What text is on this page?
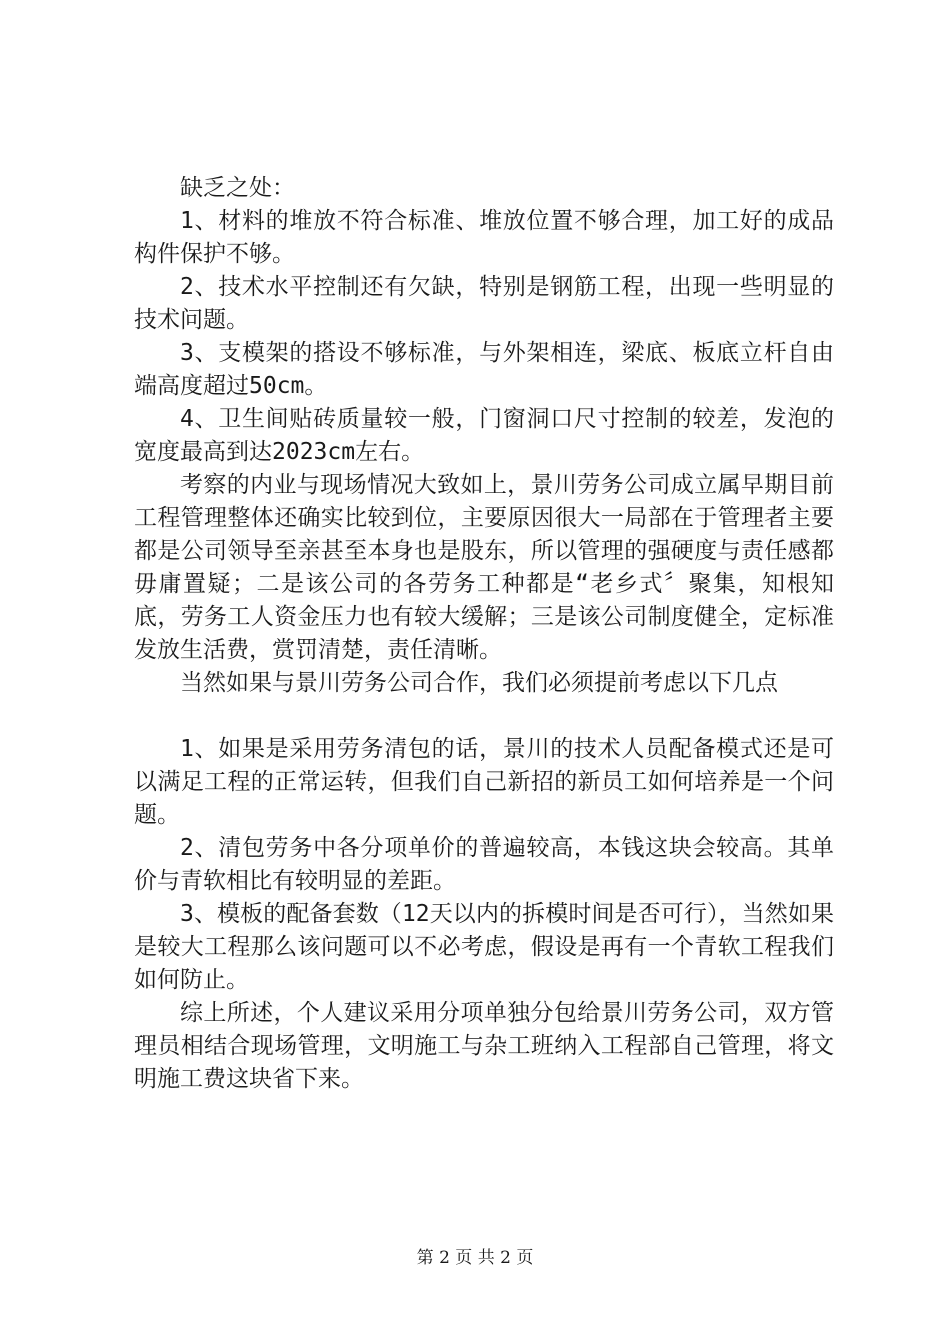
缺乏之处：

1、材料的堆放不符合标准、堆放位置不够合理，加工好的成品构件保护不够。

2、技术水平控制还有欠缺，特别是钢筋工程，出现一些明显的技术问题。

3、支模架的搭设不够标准，与外架相连，梁底、板底立杆自由端高度超过50cm。

4、卫生间贴砖质量较一般，门窗洞口尺寸控制的较差，发泡的宽度最高到达2023cm左右。

考察的内业与现场情况大致如上，景川劳务公司成立属早期目前工程管理整体还确实比较到位，主要原因很大一局部在于管理者主要都是公司领导至亲甚至本身也是股东，所以管理的强硬度与责任感都毋庸置疑；二是该公司的各劳务工种都是“老乡式〞聚集，知根知底，劳务工人资金压力也有较大缓解；三是该公司制度健全，定标准发放生活费，赏罚清楚，责任清晰。

当然如果与景川劳务公司合作，我们必须提前考虑以下几点

1、如果是采用劳务清包的话，景川的技术人员配备模式还是可以满足工程的正常运转，但我们自己新招的新员工如何培养是一个问题。

2、清包劳务中各分项单价的普遍较高，本钱这块会较高。其单价与青软相比有较明显的差距。

3、模板的配备套数（12天以内的拆模时间是否可行），当然如果是较大工程那么该问题可以不必考虑，假设是再有一个青软工程我们如何防止。

综上所述，个人建议采用分项单独分包给景川劳务公司，双方管理员相结合现场管理，文明施工与杂工班纳入工程部自己管理，将文明施工费这块省下来。

第 2 页 共 2 页
